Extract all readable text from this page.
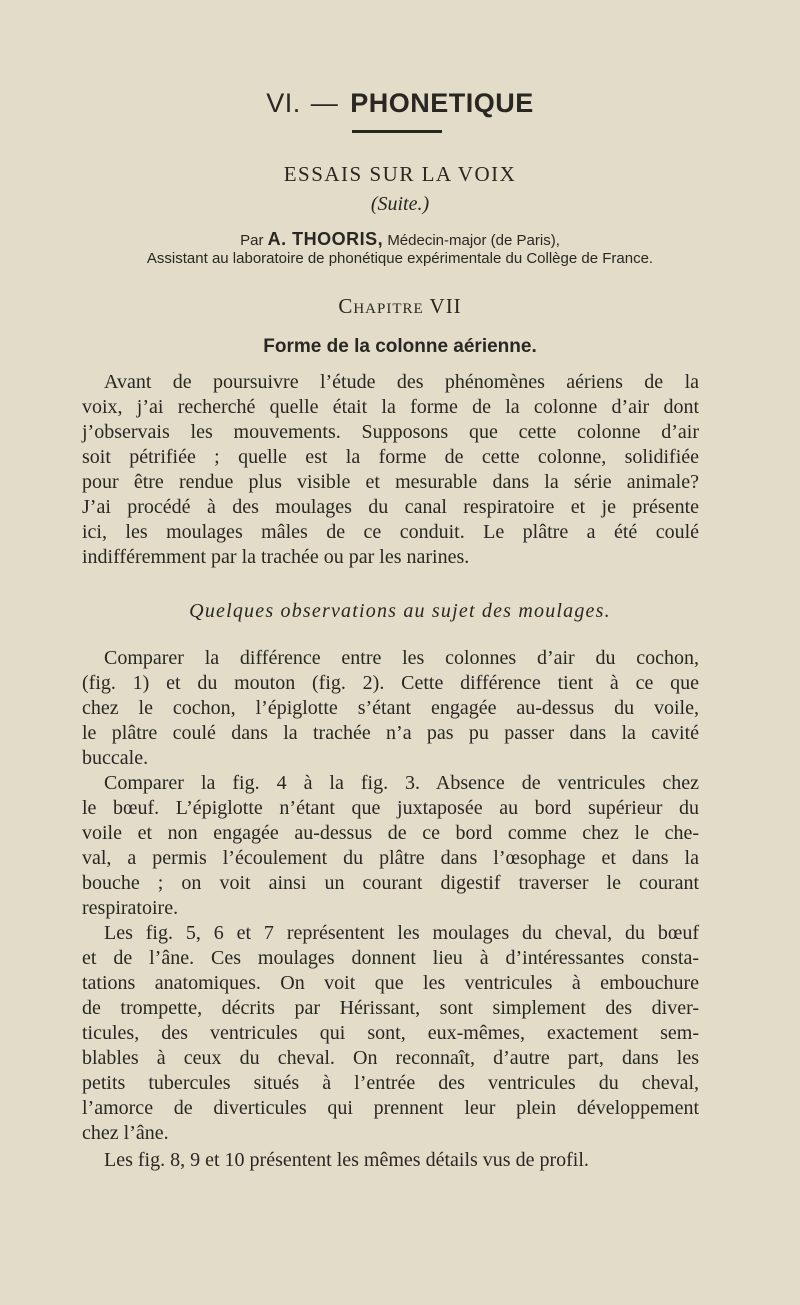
VI. — PHONETIQUE
ESSAIS SUR LA VOIX
(Suite.)
Par A. THOORIS, Médecin-major (de Paris),
Assistant au laboratoire de phonétique expérimentale du Collège de France.
Chapitre VII
Forme de la colonne aérienne.
Avant de poursuivre l’étude des phénomènes aériens de la
voix, j’ai recherché quelle était la forme de la colonne d’air dont
j’observais les mouvements. Supposons que cette colonne d’air
soit pétrifiée ; quelle est la forme de cette colonne, solidifiée
pour être rendue plus visible et mesurable dans la série animale?
J’ai procédé à des moulages du canal respiratoire et je présente
ici, les moulages mâles de ce conduit. Le plâtre a été coulé
indifféremment par la trachée ou par les narines.
Quelques observations au sujet des moulages.
Comparer la différence entre les colonnes d’air du cochon,
(fig. 1) et du mouton (fig. 2). Cette différence tient à ce que
chez le cochon, l’épiglotte s’étant engagée au-dessus du voile,
le plâtre coulé dans la trachée n’a pas pu passer dans la cavité
buccale.
Comparer la fig. 4 à la fig. 3. Absence de ventricules chez
le bœuf. L’épiglotte n’étant que juxtaposée au bord supérieur du
voile et non engagée au-dessus de ce bord comme chez le che-
val, a permis l’écoulement du plâtre dans l’œsophage et dans la
bouche ; on voit ainsi un courant digestif traverser le courant
respiratoire.
Les fig. 5, 6 et 7 représentent les moulages du cheval, du bœuf
et de l’âne. Ces moulages donnent lieu à d’intéressantes consta-
tations anatomiques. On voit que les ventricules à embouchure
de trompette, décrits par Hérissant, sont simplement des diver-
ticules, des ventricules qui sont, eux-mêmes, exactement sem-
blables à ceux du cheval. On reconnaît, d’autre part, dans les
petits tubercules situés à l’entrée des ventricules du cheval,
l’amorce de diverticules qui prennent leur plein développement
chez l’âne.
Les fig. 8, 9 et 10 présentent les mêmes détails vus de profil.
